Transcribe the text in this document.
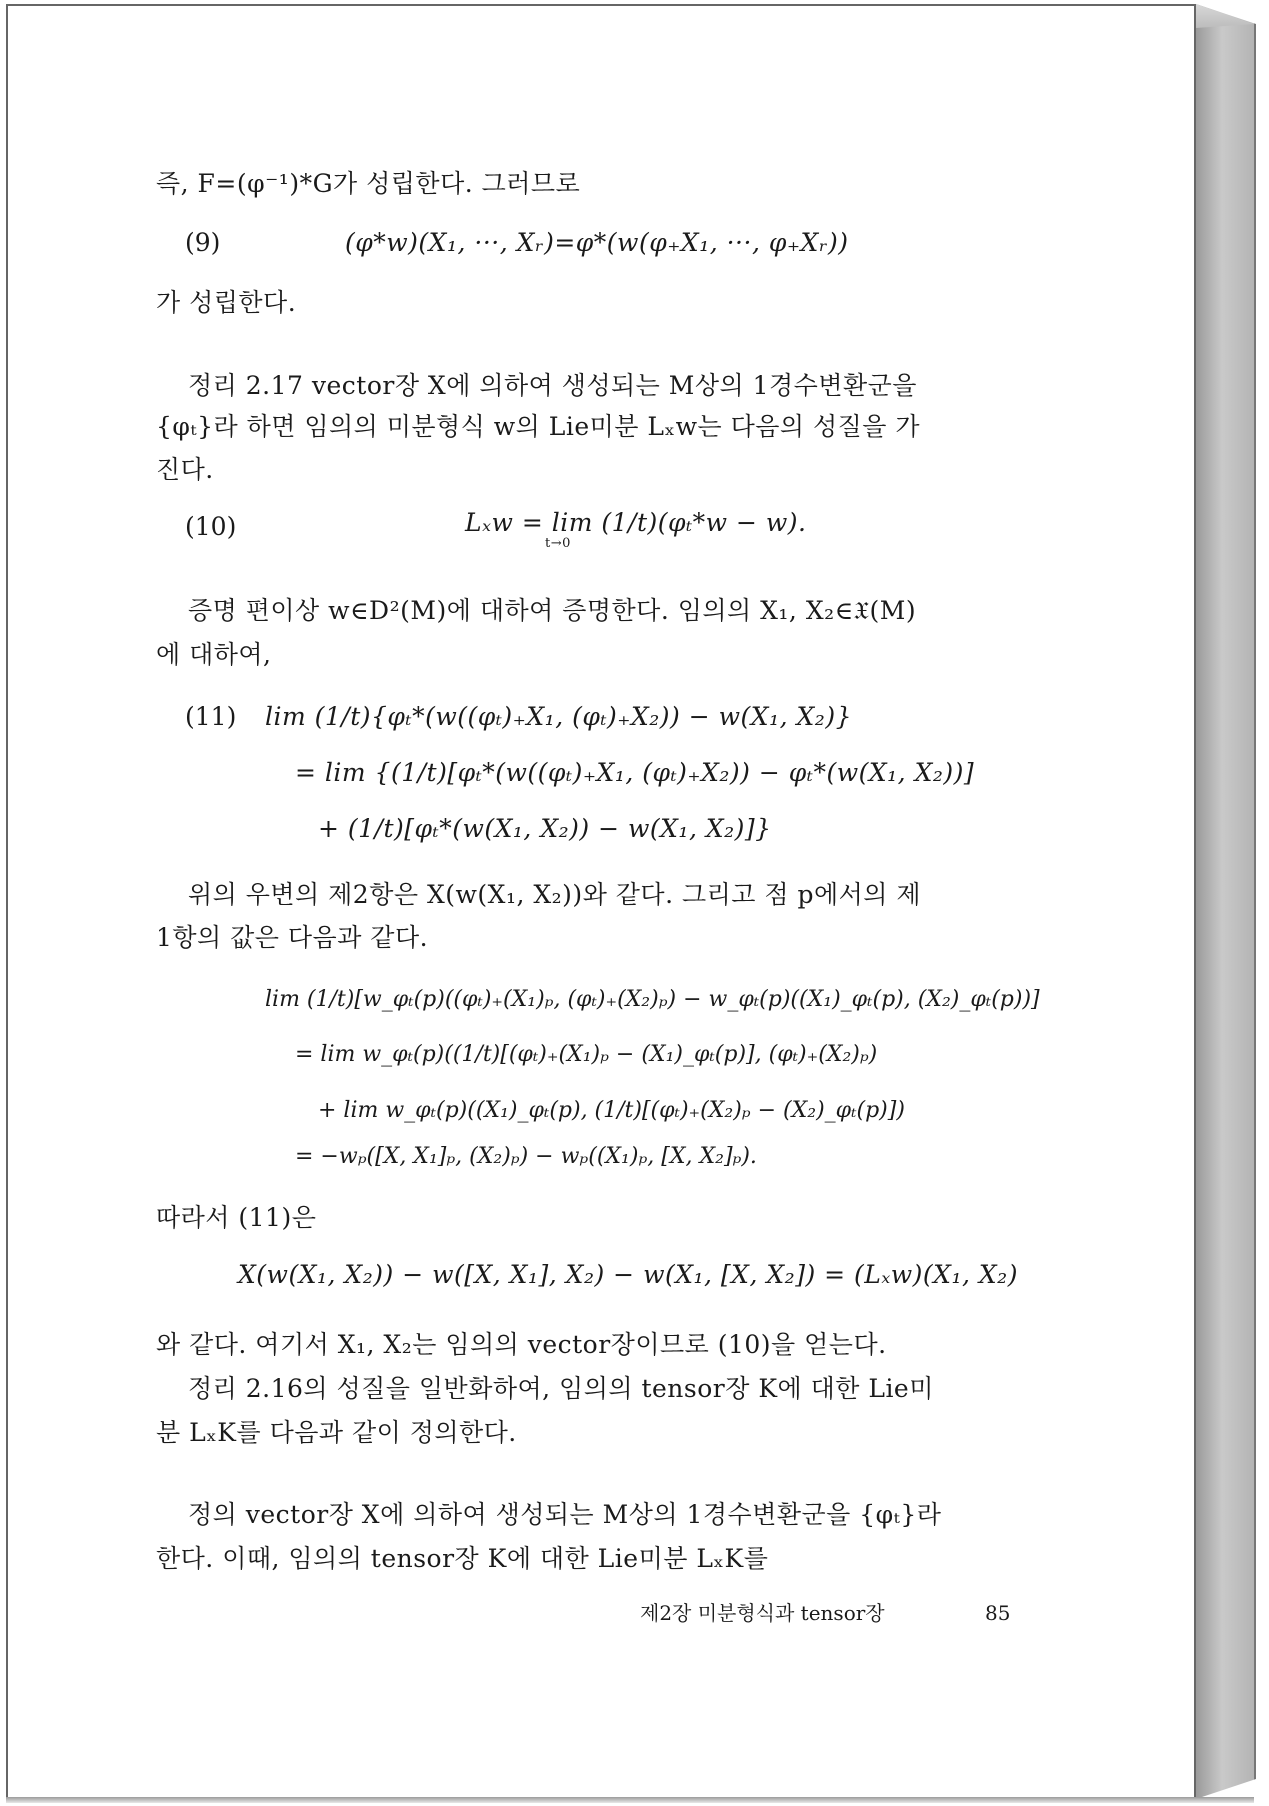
즉, F=(φ⁻¹)*G가 성립한다. 그러므로
(9)	(φ*w)(X₁, ···, Xᵣ)=φ*(w(φ₊X₁, ···, φ₊Xᵣ))
가 성립한다.
정리 2.17 vector장 X에 의하여 생성되는 M상의 1경수변환군을
{φₜ}라 하면 임의의 미분형식 w의 Lie미분 Lₓw는 다음의 성질을 가
진다.
(10)	Lₓw = lim (1/t)(φₜ*w − w).
t→0
증명 편이상 w∈D²(M)에 대하여 증명한다. 임의의 X₁, X₂∈𝔛(M)
에 대하여,
(11) lim (1/t){φₜ*(w((φₜ)₊X₁, (φₜ)₊X₂)) − w(X₁, X₂)}
= lim {(1/t)[φₜ*(w((φₜ)₊X₁, (φₜ)₊X₂)) − φₜ*(w(X₁, X₂))]
+ (1/t)[φₜ*(w(X₁, X₂)) − w(X₁, X₂)]}
위의 우변의 제2항은 X(w(X₁, X₂))와 같다. 그리고 점 p에서의 제
1항의 값은 다음과 같다.
lim (1/t)[w_φₜ(p)((φₜ)₊(X₁)ₚ, (φₜ)₊(X₂)ₚ) − w_φₜ(p)((X₁)_φₜ(p), (X₂)_φₜ(p))]
= lim w_φₜ(p)((1/t)[(φₜ)₊(X₁)ₚ − (X₁)_φₜ(p)], (φₜ)₊(X₂)ₚ)
+ lim w_φₜ(p)((X₁)_φₜ(p), (1/t)[(φₜ)₊(X₂)ₚ − (X₂)_φₜ(p)])
= −wₚ([X, X₁]ₚ, (X₂)ₚ) − wₚ((X₁)ₚ, [X, X₂]ₚ).
따라서 (11)은
X(w(X₁, X₂)) − w([X, X₁], X₂) − w(X₁, [X, X₂]) = (Lₓw)(X₁, X₂)
와 같다. 여기서 X₁, X₂는 임의의 vector장이므로 (10)을 얻는다.
정리 2.16의 성질을 일반화하여, 임의의 tensor장 K에 대한 Lie미
분 LₓK를 다음과 같이 정의한다.
정의 vector장 X에 의하여 생성되는 M상의 1경수변환군을 {φₜ}라
한다. 이때, 임의의 tensor장 K에 대한 Lie미분 LₓK를
제2장 미분형식과 tensor장	85
